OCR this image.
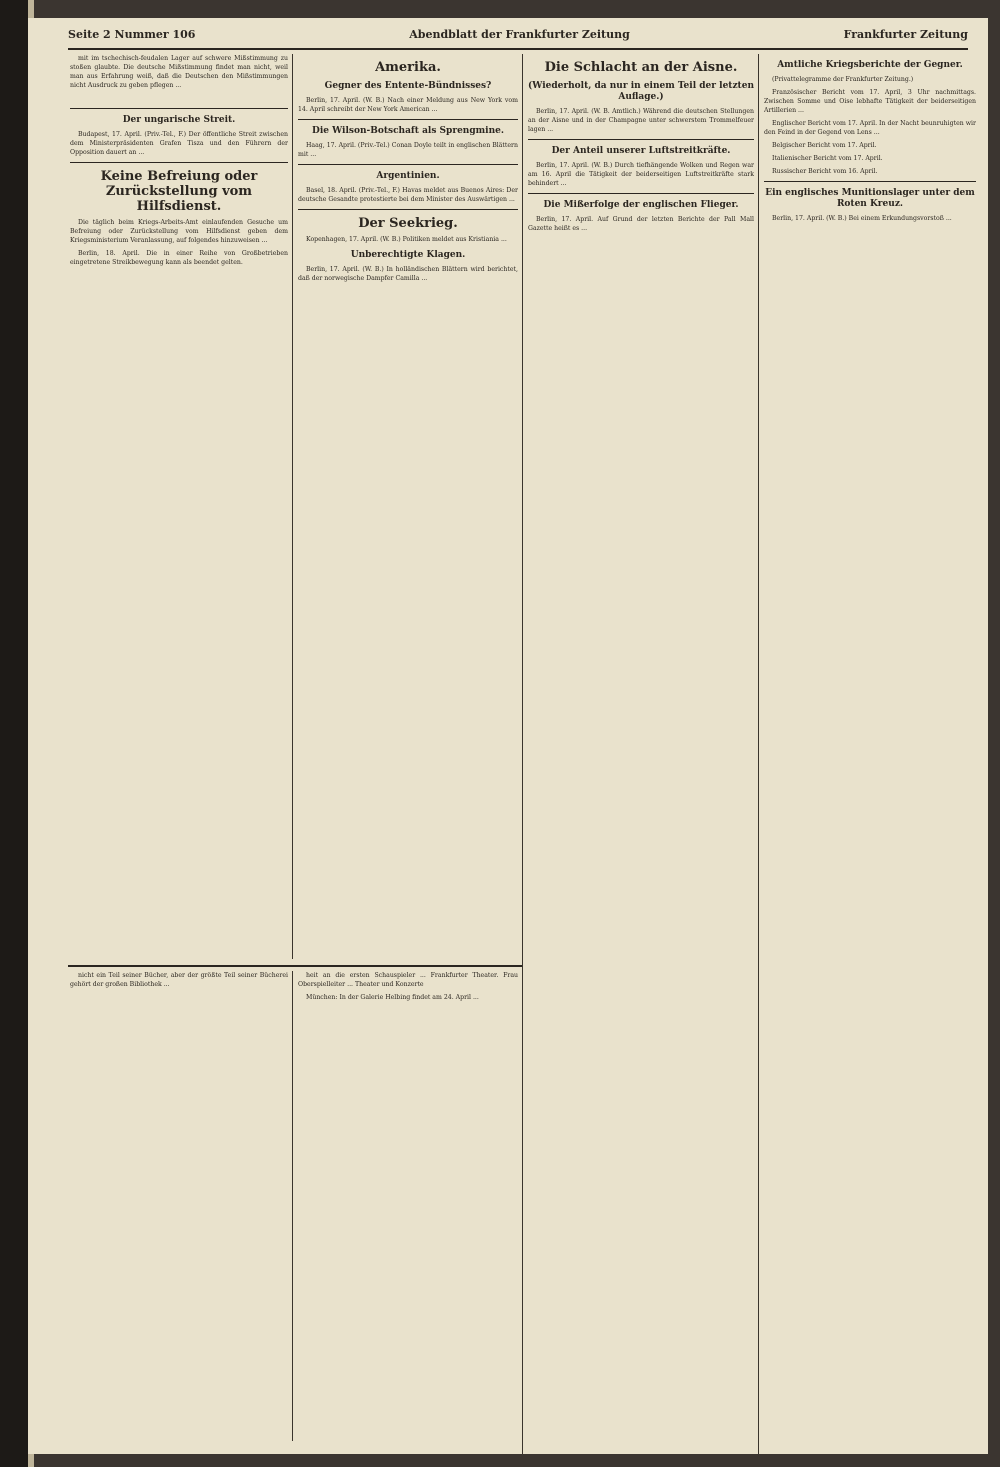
Seite 2 Nummer 106	Abendblatt der Frankfurter Zeitung	Frankfurter Zeitung

mit im tschechisch-feudalen Lager auf schwere Mißstimmung zu stoßen glaubte. Die deutsche Mißstimmung findet man nicht, weil man aus Erfahrung weiß, daß die Deutschen den Mißstimmungen nicht Ausdruck zu geben pflegen ...

Der ungarische Streit.

Budapest, 17. April. (Priv.-Tel., F.) Der öffentliche Streit zwischen dem Ministerpräsidenten Grafen Tisza und den Führern der Opposition dauert an ...

Keine Befreiung oder Zurückstellung vom Hilfsdienst.

Die täglich beim Kriegs-Arbeits-Amt einlaufenden Gesuche um Befreiung oder Zurückstellung vom Hilfsdienst geben dem Kriegsministerium Veranlassung, auf folgendes hinzuweisen ...

Berlin, 18. April. Die in einer Reihe von Großbetrieben eingetretene Streikbewegung kann als beendet gelten.

Amerika.
Gegner des Entente-Bündnisses?

Berlin, 17. April. (W. B.) Nach einer Meldung aus New York vom 14. April schreibt der New York American ...

Die Wilson-Botschaft als Sprengmine.

Haag, 17. April. (Priv.-Tel.) Conan Doyle teilt in englischen Blättern mit ...

Argentinien.

Basel, 18. April. (Priv.-Tel., F.) Havas meldet aus Buenos Aires: Der deutsche Gesandte protestierte bei dem Minister des Auswärtigen ...

Der Seekrieg.

Kopenhagen, 17. April. (W. B.) Politiken meldet aus Kristiania ...

Unberechtigte Klagen.

Berlin, 17. April. (W. B.) In holländischen Blättern wird berichtet, daß der norwegische Dampfer Camilla ...

Die Schlacht an der Aisne.
(Wiederholt, da nur in einem Teil der letzten Auflage.)

Berlin, 17. April. (W. B. Amtlich.) Während die deutschen Stellungen an der Aisne und in der Champagne unter schwerstem Trommelfeuer lagen ...

Der Anteil unserer Luftstreitkräfte.

Berlin, 17. April. (W. B.) Durch tiefhängende Wolken und Regen war am 16. April die Tätigkeit der beiderseitigen Luftstreitkräfte stark behindert ...

Die Mißerfolge der englischen Flieger.

Berlin, 17. April. Auf Grund der letzten Berichte der Pall Mall Gazette heißt es ...

Amtliche Kriegsberichte der Gegner.

(Privattelegramme der Frankfurter Zeitung.)

Französischer Bericht vom 17. April, 3 Uhr nachmittags. Zwischen Somme und Oise lebhafte Tätigkeit der beiderseitigen Artillerien ...

Englischer Bericht vom 17. April. In der Nacht beunruhigten wir den Feind in der Gegend von Lens ...

Belgischer Bericht vom 17. April.

Italienischer Bericht vom 17. April.

Russischer Bericht vom 16. April.

Ein englisches Munitionslager unter dem Roten Kreuz.

Berlin, 17. April. (W. B.) Bei einem Erkundungsvorstoß ...

nicht ein Teil seiner Bücher, aber der größte Teil seiner Bücherei gehört der großen Bibliothek ...

heit an die ersten Schauspieler ... Frankfurter Theater. Frau Oberspielleiter ... Theater und Konzerte

München: In der Galerie Helbing findet am 24. April ...
